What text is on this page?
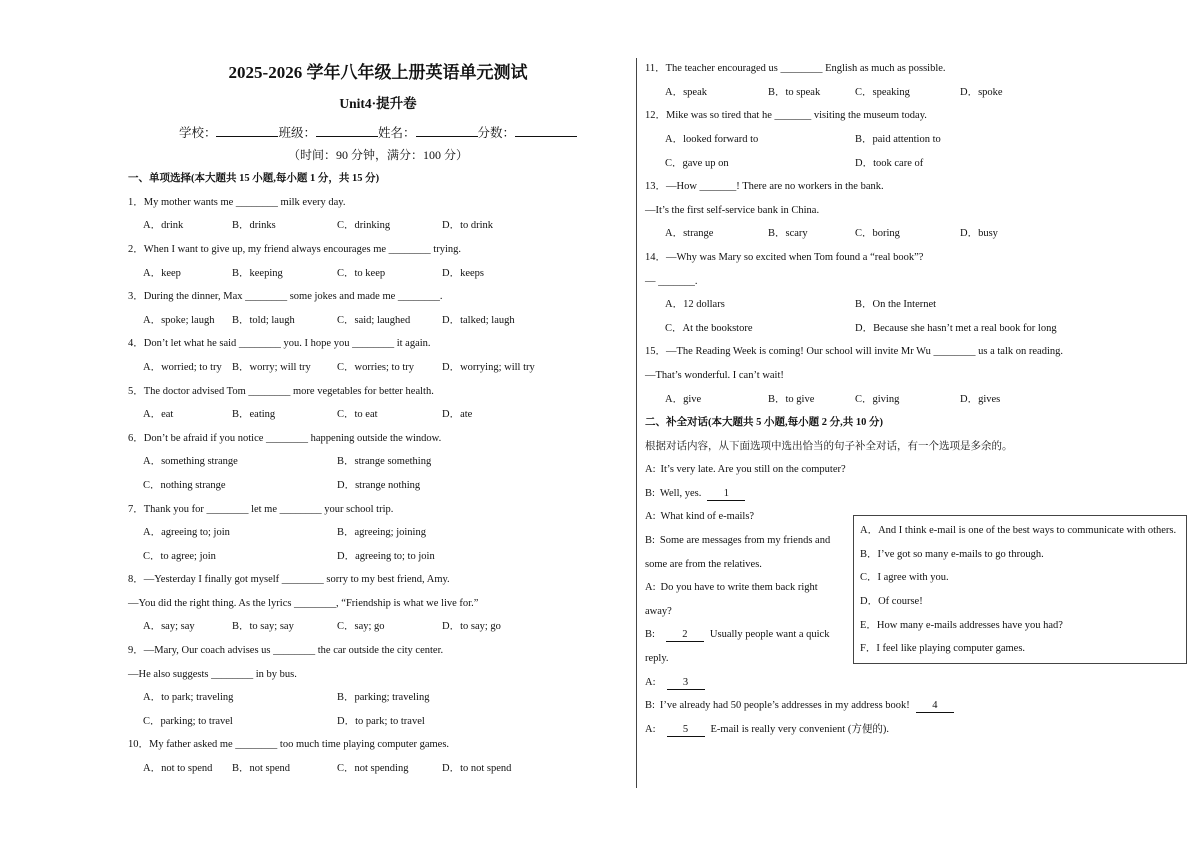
2025-2026 学年八年级上册英语单元测试
Unit4·提升卷
学校：	班级：	姓名：	分数：
（时间：90 分钟，满分：100 分）
一、单项选择(本大题共 15 小题,每小题 1 分，共 15 分)
1．My mother wants me ________ milk every day.
A．drink	B．drinks	C．drinking	D．to drink
2．When I want to give up, my friend always encourages me ________ trying.
A．keep	B．keeping	C．to keep	D．keeps
3．During the dinner, Max ________ some jokes and made me ________.
A．spoke; laugh B．told; laugh	C．said; laughed	D．talked; laugh
4．Don’t let what he said ________ you. I hope you ________ it again.
A．worried; to try B．worry; will try	C．worries; to try	D．worrying; will try
5．The doctor advised Tom ________ more vegetables for better health.
A．eat	B．eating	C．to eat	D．ate
6．Don’t be afraid if you notice ________ happening outside the window.
A．something strange	B．strange something
C．nothing strange	D．strange nothing
7．Thank you for ________ let me ________ your school trip.
A．agreeing to; join	B．agreeing; joining
C．to agree; join	D．agreeing to; to join
8．—Yesterday I finally got myself ________ sorry to my best friend, Amy.
—You did the right thing. As the lyrics ________, “Friendship is what we live for.”
A．say; say	B．to say; say	C．say; go	D．to say; go
9．—Mary, Our coach advises us ________ the car outside the city center.
—He also suggests ________ in by bus.
A．to park; traveling	B．parking; traveling
C．parking; to travel	D．to park; to travel
10．My father asked me ________ too much time playing computer games.
A．not to spend B．not spend	C．not spending	D．to not spend
11．The teacher encouraged us ________ English as much as possible.
A．speak	B．to speak	C．speaking	D．spoke
12．Mike was so tired that he _______ visiting the museum today.
A．looked forward to	B．paid attention to
C．gave up on	D．took care of
13．—How _______! There are no workers in the bank.
—It’s the first self-service bank in China.
A．strange	B．scary	C．boring	D．busy
14．—Why was Mary so excited when Tom found a “real book”?
— _______.
A．12 dollars	B．On the Internet
C．At the bookstore	D．Because she hasn’t met a real book for long
15．—The Reading Week is coming! Our school will invite Mr Wu ________ us a talk on reading.
—That’s wonderful. I can’t wait!
A．give	B．to give	C．giving	D．gives
二、补全对话(本大题共 5 小题,每小题 2 分,共 10 分)
根据对话内容，从下面选项中选出恰当的句子补全对话，有一个选项是多余的。
A: It’s very late. Are you still on the computer?
B: Well, yes. 1
A: What kind of e-mails?
B: Some are messages from my friends and some are from the relatives.
A: Do you have to write them back right away?
B:	2 Usually people want a quick reply.
A:	3
B: I’ve already had 50 people’s addresses in my address book! 4
A:	5 E-mail is really very convenient (方便的).
A．And I think e-mail is one of the best ways to communicate with others.
B．I’ve got so many e-mails to go through.
C．I agree with you.
D．Of course!
E．How many e-mails addresses have you had?
F．I feel like playing computer games.
